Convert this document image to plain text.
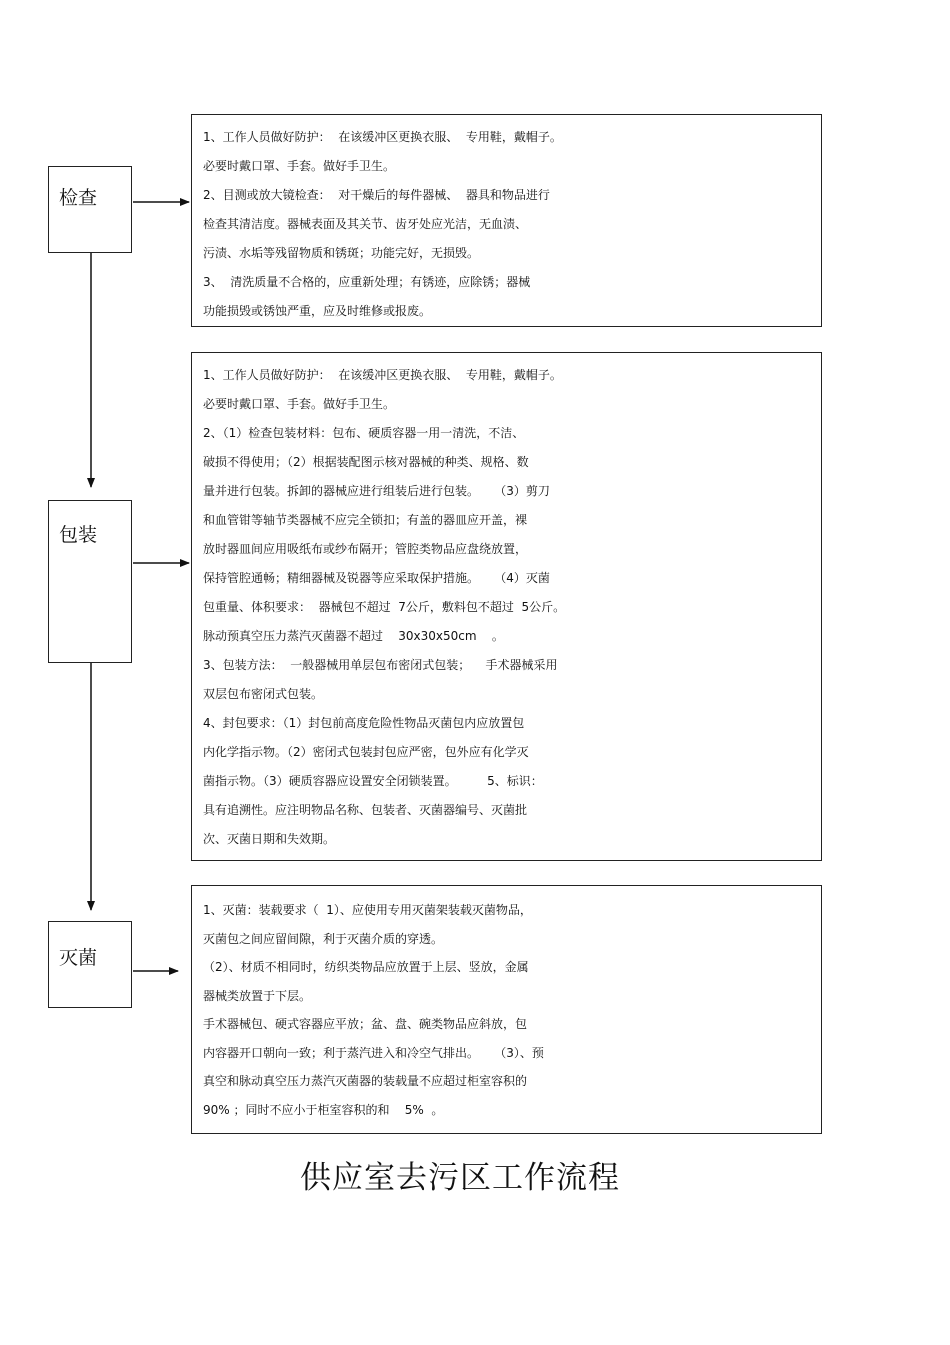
检查
包装
灭菌
1、工作人员做好防护：  在该缓冲区更换衣服、  专用鞋，戴帽子。
必要时戴口罩、手套。做好手卫生。
2、目测或放大镜检查：  对干燥后的每件器械、  器具和物品进行
检查其清洁度。器械表面及其关节、齿牙处应光洁，无血渍、
污渍、水垢等残留物质和锈斑；功能完好，无损毁。
3、  清洗质量不合格的，应重新处理；有锈迹，应除锈；器械
功能损毁或锈蚀严重，应及时维修或报废。
1、工作人员做好防护：  在该缓冲区更换衣服、  专用鞋，戴帽子。
必要时戴口罩、手套。做好手卫生。
2、（1）检查包装材料：包布、硬质容器一用一清洗，不洁、
破损不得使用；（2）根据装配图示核对器械的种类、规格、数
量并进行包装。拆卸的器械应进行组装后进行包装。    （3）剪刀
和血管钳等轴节类器械不应完全锁扣；有盖的器皿应开盖，裸
放时器皿间应用吸纸布或纱布隔开；管腔类物品应盘绕放置，
保持管腔通畅；精细器械及锐器等应采取保护措施。    （4）灭菌
包重量、体积要求：  器械包不超过  7公斤，敷料包不超过  5公斤。
脉动预真空压力蒸汽灭菌器不超过    30x30x50cm    。
3、包装方法：  一般器械用单层包布密闭式包装；    手术器械采用
双层包布密闭式包装。
4、封包要求：（1）封包前高度危险性物品灭菌包内应放置包
内化学指示物。（2）密闭式包装封包应严密，包外应有化学灭
菌指示物。（3）硬质容器应设置安全闭锁装置。        5、标识：
具有追溯性。应注明物品名称、包装者、灭菌器编号、灭菌批
次、灭菌日期和失效期。
1、灭菌：装载要求（  1）、应使用专用灭菌架装载灭菌物品，
灭菌包之间应留间隙，利于灭菌介质的穿透。
（2）、材质不相同时，纺织类物品应放置于上层、竖放，金属
器械类放置于下层。
手术器械包、硬式容器应平放；盆、盘、碗类物品应斜放，包
内容器开口朝向一致；利于蒸汽进入和冷空气排出。    （3）、预
真空和脉动真空压力蒸汽灭菌器的装载量不应超过柜室容积的
90% ；同时不应小于柜室容积的和    5%  。
供应室去污区工作流程
